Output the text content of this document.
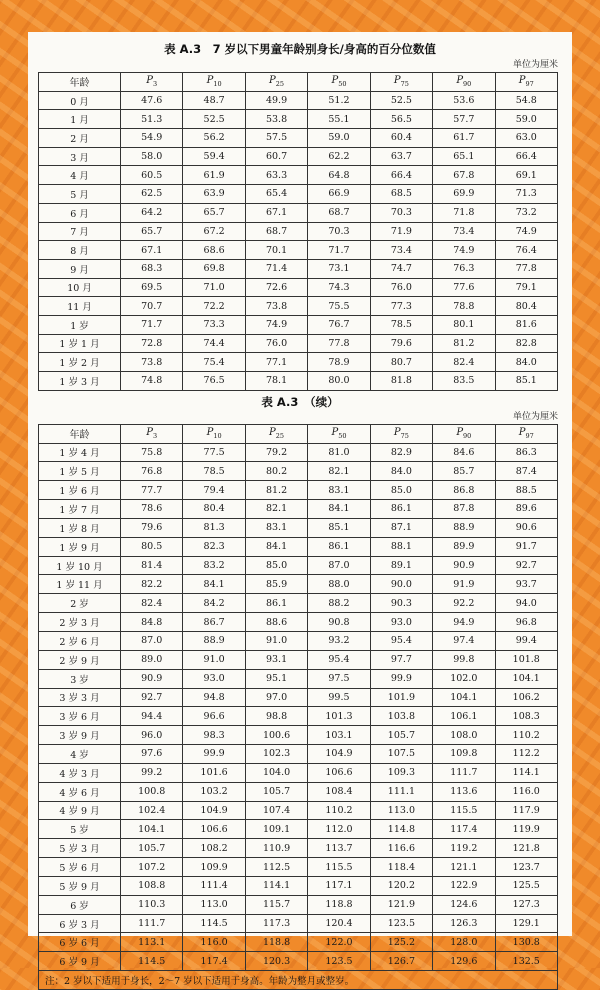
表 A.3　7 岁以下男童年龄别身长/身高的百分位数值
单位为厘米
年龄	$P_3$	$P_{10}$	$P_{25}$	$P_{50}$	$P_{75}$	$P_{90}$	$P_{97}$
0 月	47.6	48.7	49.9	51.2	52.5	53.6	54.8
1 月	51.3	52.5	53.8	55.1	56.5	57.7	59.0
2 月	54.9	56.2	57.5	59.0	60.4	61.7	63.0
3 月	58.0	59.4	60.7	62.2	63.7	65.1	66.4
4 月	60.5	61.9	63.3	64.8	66.4	67.8	69.1
5 月	62.5	63.9	65.4	66.9	68.5	69.9	71.3
6 月	64.2	65.7	67.1	68.7	70.3	71.8	73.2
7 月	65.7	67.2	68.7	70.3	71.9	73.4	74.9
8 月	67.1	68.6	70.1	71.7	73.4	74.9	76.4
9 月	68.3	69.8	71.4	73.1	74.7	76.3	77.8
10 月	69.5	71.0	72.6	74.3	76.0	77.6	79.1
11 月	70.7	72.2	73.8	75.5	77.3	78.8	80.4
1 岁	71.7	73.3	74.9	76.7	78.5	80.1	81.6
1 岁 1 月	72.8	74.4	76.0	77.8	79.6	81.2	82.8
1 岁 2 月	73.8	75.4	77.1	78.9	80.7	82.4	84.0
1 岁 3 月	74.8	76.5	78.1	80.0	81.8	83.5	85.1
表 A.3　（续）
单位为厘米
年龄	$P_3$	$P_{10}$	$P_{25}$	$P_{50}$	$P_{75}$	$P_{90}$	$P_{97}$
1 岁 4 月	75.8	77.5	79.2	81.0	82.9	84.6	86.3
1 岁 5 月	76.8	78.5	80.2	82.1	84.0	85.7	87.4
1 岁 6 月	77.7	79.4	81.2	83.1	85.0	86.8	88.5
1 岁 7 月	78.6	80.4	82.1	84.1	86.1	87.8	89.6
1 岁 8 月	79.6	81.3	83.1	85.1	87.1	88.9	90.6
1 岁 9 月	80.5	82.3	84.1	86.1	88.1	89.9	91.7
1 岁 10 月	81.4	83.2	85.0	87.0	89.1	90.9	92.7
1 岁 11 月	82.2	84.1	85.9	88.0	90.0	91.9	93.7
2 岁	82.4	84.2	86.1	88.2	90.3	92.2	94.0
2 岁 3 月	84.8	86.7	88.6	90.8	93.0	94.9	96.8
2 岁 6 月	87.0	88.9	91.0	93.2	95.4	97.4	99.4
2 岁 9 月	89.0	91.0	93.1	95.4	97.7	99.8	101.8
3 岁	90.9	93.0	95.1	97.5	99.9	102.0	104.1
3 岁 3 月	92.7	94.8	97.0	99.5	101.9	104.1	106.2
3 岁 6 月	94.4	96.6	98.8	101.3	103.8	106.1	108.3
3 岁 9 月	96.0	98.3	100.6	103.1	105.7	108.0	110.2
4 岁	97.6	99.9	102.3	104.9	107.5	109.8	112.2
4 岁 3 月	99.2	101.6	104.0	106.6	109.3	111.7	114.1
4 岁 6 月	100.8	103.2	105.7	108.4	111.1	113.6	116.0
4 岁 9 月	102.4	104.9	107.4	110.2	113.0	115.5	117.9
5 岁	104.1	106.6	109.1	112.0	114.8	117.4	119.9
5 岁 3 月	105.7	108.2	110.9	113.7	116.6	119.2	121.8
5 岁 6 月	107.2	109.9	112.5	115.5	118.4	121.1	123.7
5 岁 9 月	108.8	111.4	114.1	117.1	120.2	122.9	125.5
6 岁	110.3	113.0	115.7	118.8	121.9	124.6	127.3
6 岁 3 月	111.7	114.5	117.3	120.4	123.5	126.3	129.1
6 岁 6 月	113.1	116.0	118.8	122.0	125.2	128.0	130.8
6 岁 9 月	114.5	117.4	120.3	123.5	126.7	129.6	132.5
注：2 岁以下适用于身长，2～7 岁以下适用于身高。年龄为整月或整岁。							
